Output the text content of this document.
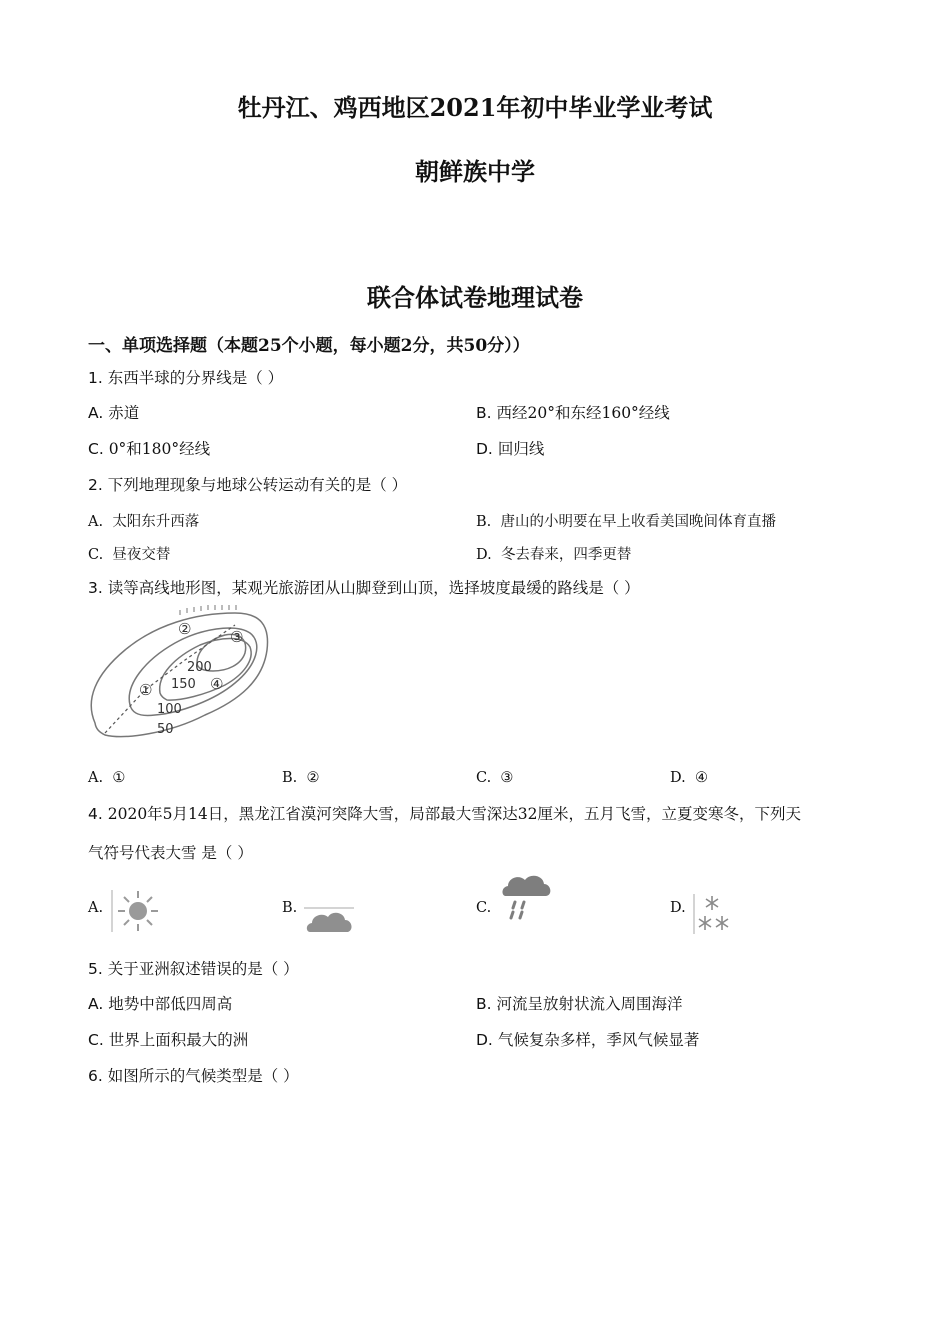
牡丹江、鸡西地区2021年初中毕业学业考试
朝鲜族中学
联合体试卷地理试卷
一、单项选择题（本题25个小题，每小题2分，共50分））
1. 东西半球的分界线是（ ）
A. 赤道	B. 西经20°和东经160°经线
C. 0°和180°经线	D. 回归线
2. 下列地理现象与地球公转运动有关的是（ ）
A. 太阳东升西落	B. 唐山的小明要在早上收看美国晚间体育直播
C. 昼夜交替	D. 冬去春来，四季更替
3. 读等高线地形图，某观光旅游团从山脚登到山顶，选择坡度最缓的路线是（ ）
200
150
100
50
①
②	③
④
A. ①	B. ②	C. ③	D. ④
4. 2020年5月14日，黑龙江省漠河突降大雪，局部最大雪深达32厘米，五月飞雪，立夏变寒冬，下列天
气符号代表大雪 是（ ）
A.	B.	C.	D.
5. 关于亚洲叙述错误的是（ ）
A. 地势中部低四周高	B. 河流呈放射状流入周围海洋
C. 世界上面积最大的洲	D. 气候复杂多样，季风气候显著
6. 如图所示的气候类型是（ ）
